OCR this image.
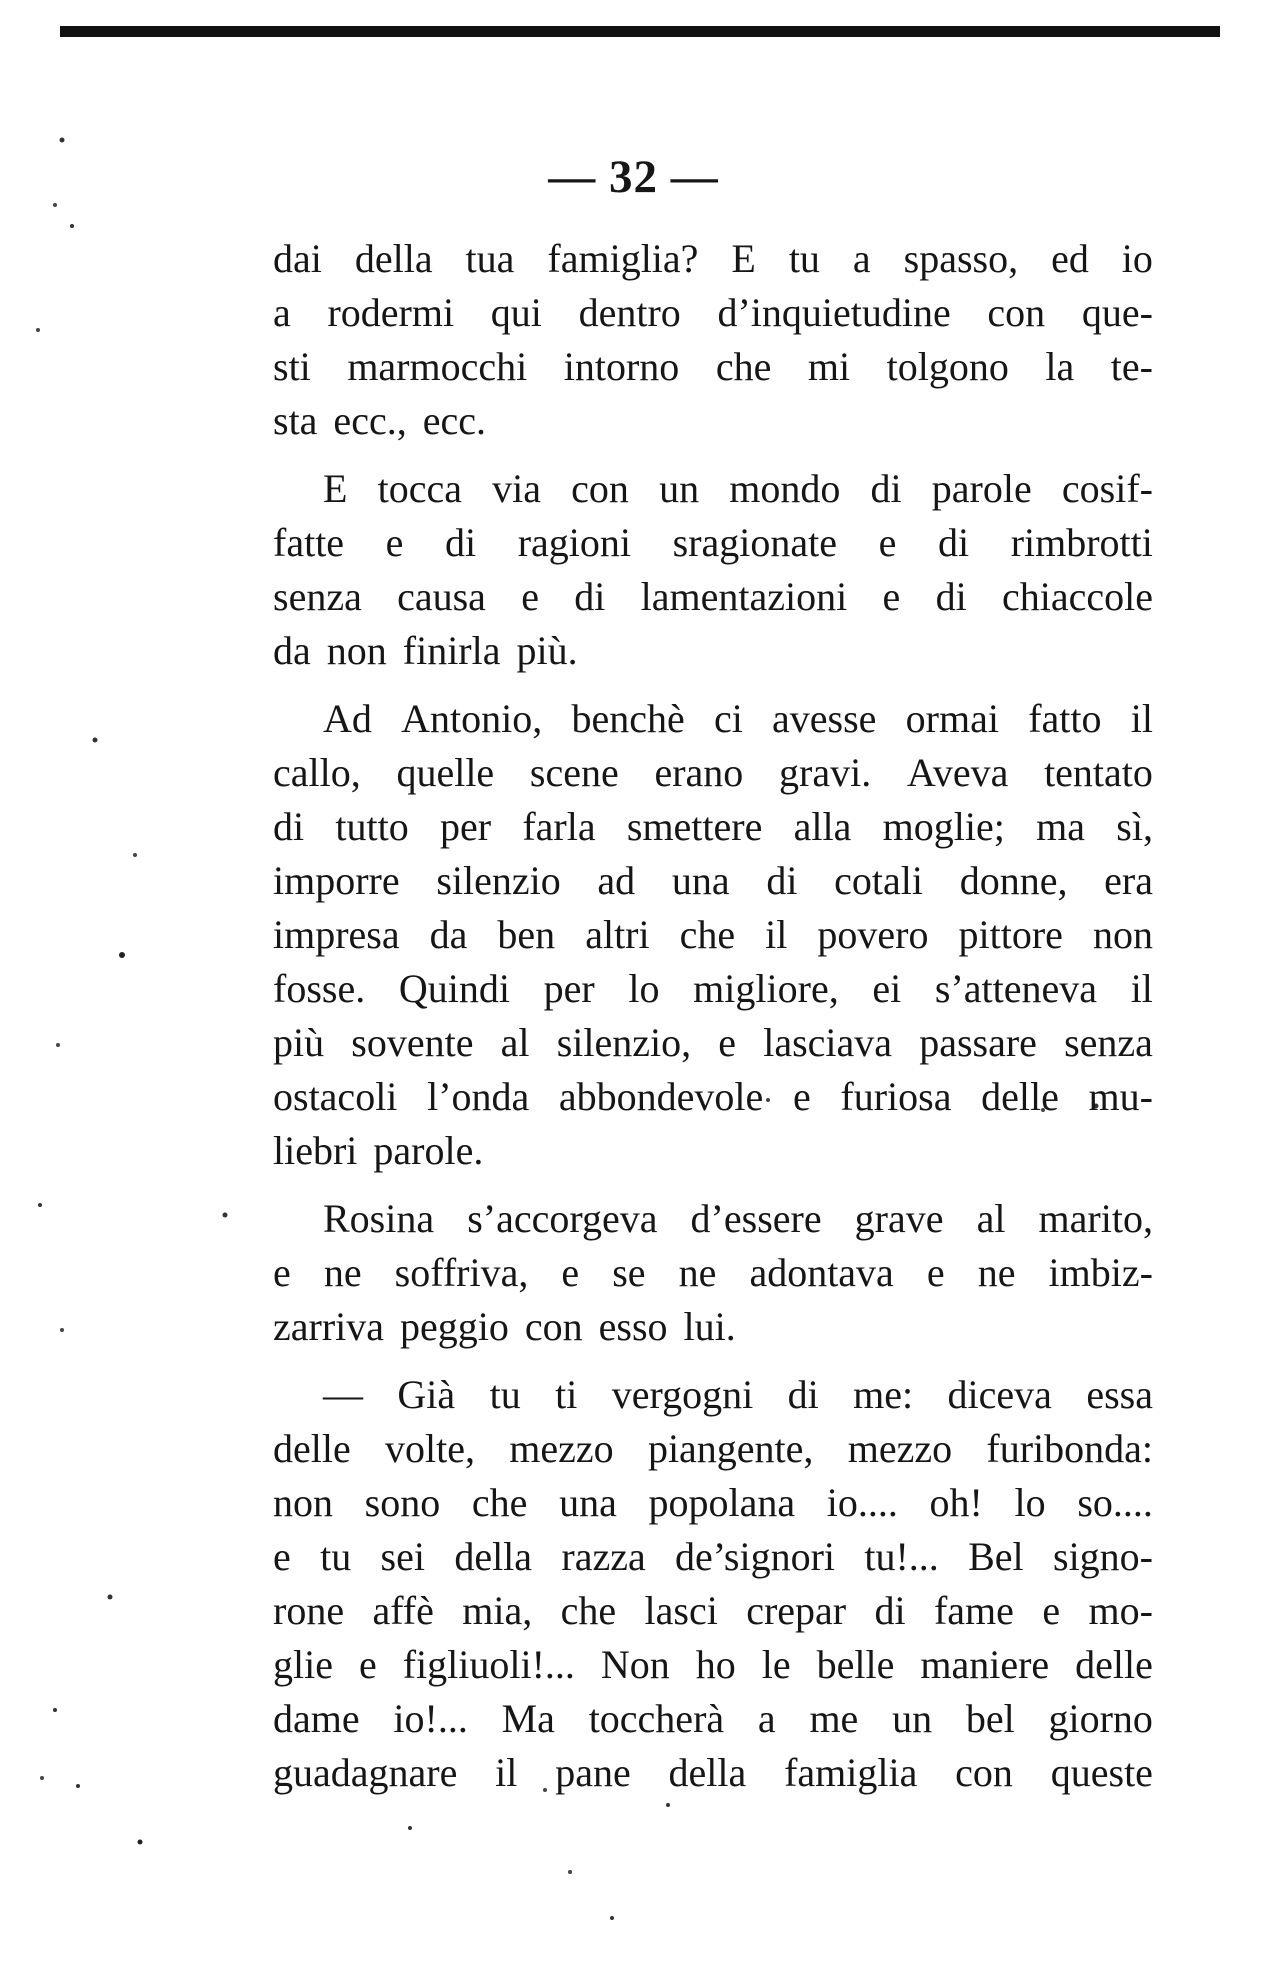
— 32 —
dai della tua famiglia? E tu a spasso, ed io
a rodermi qui dentro d’inquietudine con que-
sti marmocchi intorno che mi tolgono la te-
sta ecc., ecc.
E tocca via con un mondo di parole cosif-
fatte e di ragioni sragionate e di rimbrotti
senza causa e di lamentazioni e di chiaccole
da non finirla più.
Ad Antonio, benchè ci avesse ormai fatto il
callo, quelle scene erano gravi. Aveva tentato
di tutto per farla smettere alla moglie; ma sì,
imporre silenzio ad una di cotali donne, era
impresa da ben altri che il povero pittore non
fosse. Quindi per lo migliore, ei s’atteneva il
più sovente al silenzio, e lasciava passare senza
ostacoli l’onda abbondevole e furiosa delle mu-
liebri parole.
Rosina s’accorgeva d’essere grave al marito,
e ne soffriva, e se ne adontava e ne imbiz-
zarriva peggio con esso lui.
— Già tu ti vergogni di me: diceva essa
delle volte, mezzo piangente, mezzo furibonda:
non sono che una popolana io.... oh! lo so....
e tu sei della razza de’signori tu!... Bel signo-
rone affè mia, che lasci crepar di fame e mo-
glie e figliuoli!... Non ho le belle maniere delle
dame io!... Ma toccherà a me un bel giorno
guadagnare il pane della famiglia con queste
